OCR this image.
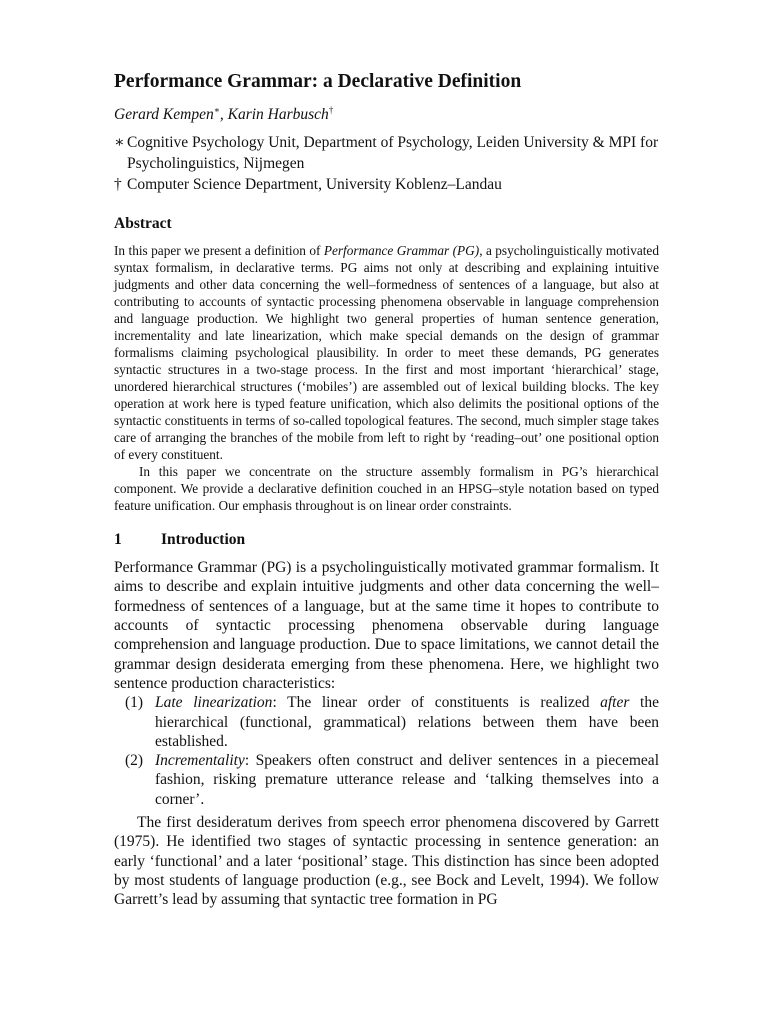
Performance Grammar: a Declarative Definition
Gerard Kempen∗, Karin Harbusch†
∗ Cognitive Psychology Unit, Department of Psychology, Leiden University & MPI for Psycholinguistics, Nijmegen
† Computer Science Department, University Koblenz–Landau
Abstract

In this paper we present a definition of Performance Grammar (PG), a psycholinguistically motivated syntax formalism, in declarative terms. PG aims not only at describing and explaining intuitive judgments and other data concerning the well–formedness of sentences of a language, but also at contributing to accounts of syntactic processing phenomena observable in language comprehension and language production. We highlight two general properties of human sentence generation, incrementality and late linearization, which make special demands on the design of grammar formalisms claiming psychological plausibility. In order to meet these demands, PG generates syntactic structures in a two-stage process. In the first and most important ‘hierarchical’ stage, unordered hierarchical structures (‘mobiles’) are assembled out of lexical building blocks. The key operation at work here is typed feature unification, which also delimits the positional options of the syntactic constituents in terms of so-called topological features. The second, much simpler stage takes care of arranging the branches of the mobile from left to right by ‘reading–out’ one positional option of every constituent.

In this paper we concentrate on the structure assembly formalism in PG’s hierarchical component. We provide a declarative definition couched in an HPSG–style notation based on typed feature unification. Our emphasis throughout is on linear order constraints.

1	Introduction

Performance Grammar (PG) is a psycholinguistically motivated grammar formalism. It aims to describe and explain intuitive judgments and other data concerning the well–formedness of sentences of a language, but at the same time it hopes to contribute to accounts of syntactic processing phenomena observable during language comprehension and language production. Due to space limitations, we cannot detail the grammar design desiderata emerging from these phenomena. Here, we highlight two sentence production characteristics:

(1) Late linearization: The linear order of constituents is realized after the hierarchical (functional, grammatical) relations between them have been established.
(2) Incrementality: Speakers often construct and deliver sentences in a piecemeal fashion, risking premature utterance release and ‘talking themselves into a corner’.

The first desideratum derives from speech error phenomena discovered by Garrett (1975). He identified two stages of syntactic processing in sentence generation: an early ‘functional’ and a later ‘positional’ stage. This distinction has since been adopted by most students of language production (e.g., see Bock and Levelt, 1994). We follow Garrett’s lead by assuming that syntactic tree formation in PG
